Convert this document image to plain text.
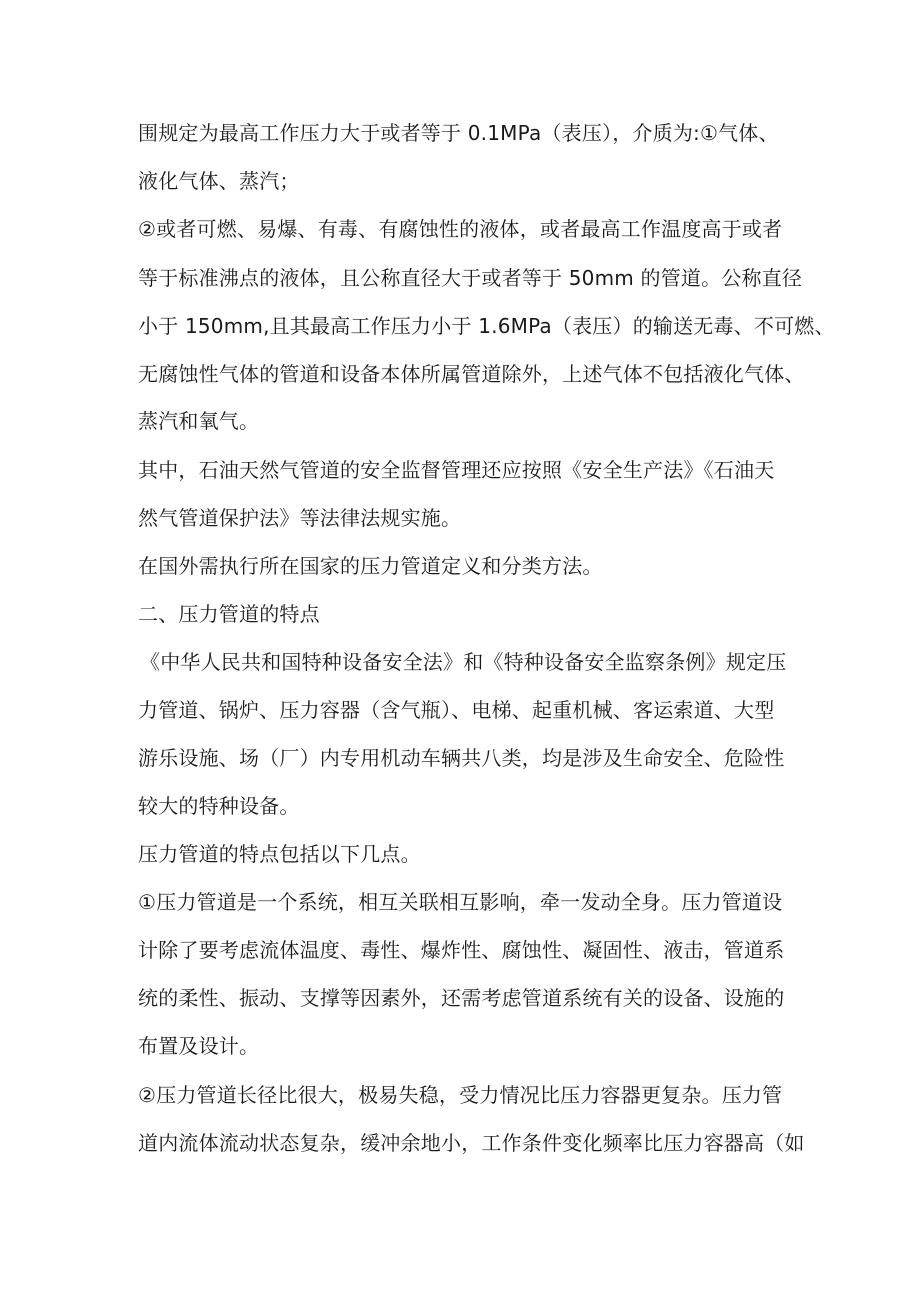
围规定为最高工作压力大于或者等于 0.1MPa（表压），介质为:①气体、
液化气体、蒸汽；
②或者可燃、易爆、有毒、有腐蚀性的液体，或者最高工作温度高于或者
等于标准沸点的液体，且公称直径大于或者等于 50mm 的管道。公称直径
小于 150mm,且其最高工作压力小于 1.6MPa（表压）的输送无毒、不可燃、
无腐蚀性气体的管道和设备本体所属管道除外，上述气体不包括液化气体、
蒸汽和氧气。
其中，石油天然气管道的安全监督管理还应按照《安全生产法》《石油天
然气管道保护法》等法律法规实施。
在国外需执行所在国家的压力管道定义和分类方法。
二、压力管道的特点
《中华人民共和国特种设备安全法》和《特种设备安全监察条例》规定压
力管道、锅炉、压力容器（含气瓶）、电梯、起重机械、客运索道、大型
游乐设施、场（厂）内专用机动车辆共八类，均是涉及生命安全、危险性
较大的特种设备。
压力管道的特点包括以下几点。
①压力管道是一个系统，相互关联相互影响，牵一发动全身。压力管道设
计除了要考虑流体温度、毒性、爆炸性、腐蚀性、凝固性、液击，管道系
统的柔性、振动、支撑等因素外，还需考虑管道系统有关的设备、设施的
布置及设计。
②压力管道长径比很大，极易失稳，受力情况比压力容器更复杂。压力管
道内流体流动状态复杂，缓冲余地小，工作条件变化频率比压力容器高（如
